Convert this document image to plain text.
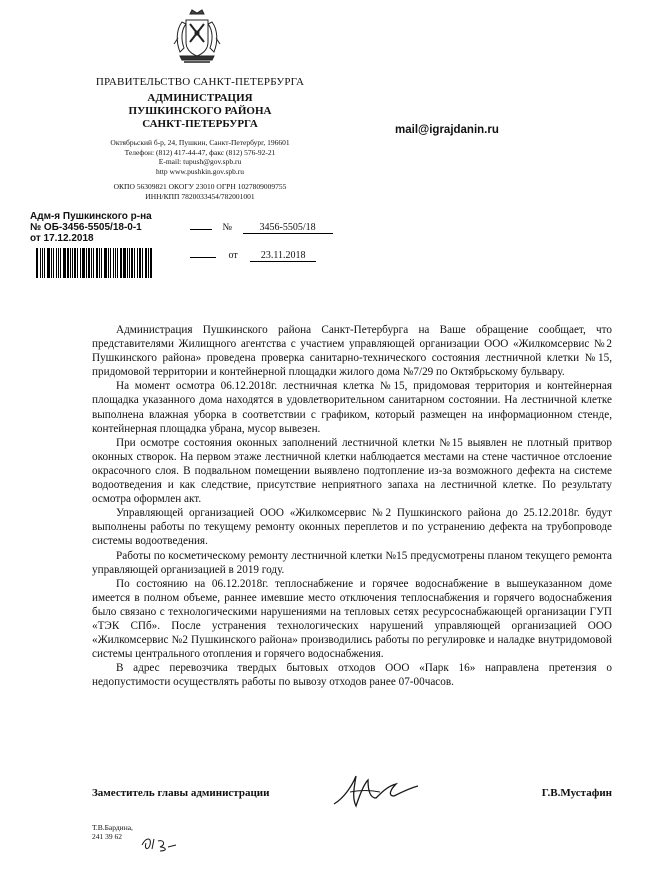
ПРАВИТЕЛЬСТВО САНКТ-ПЕТЕРБУРГА
АДМИНИСТРАЦИЯ
ПУШКИНСКОГО РАЙОНА
САНКТ-ПЕТЕРБУРГА
Октябрьский б-р, 24, Пушкин, Санкт-Петербург, 196601
Телефон: (812) 417-44-47, факс (812) 576-92-21
E-mail: tupush@gov.spb.ru
http www.pushkin.gov.spb.ru
ОКПО 56309821 ОКОГУ 23010 ОГРН 1027809009755
ИНН/КПП 7820033454/782001001
mail@igrajdanin.ru
Адм-я Пушкинского р-на
№ ОБ-3456-5505/18-0-1
от 17.12.2018
№	3456-5505/18
от 23.11.2018

Администрация Пушкинского района Санкт-Петербурга на Ваше обращение сообщает, что представителями Жилищного агентства с участием управляющей организации ООО «Жилкомсервис №2 Пушкинского района» проведена проверка санитарно-технического состояния лестничной клетки №15, придомовой территории и контейнерной площадки жилого дома №7/29 по Октябрьскому бульвару.

На момент осмотра 06.12.2018г. лестничная клетка №15, придомовая территория и контейнерная площадка указанного дома находятся в удовлетворительном санитарном состоянии. На лестничной клетке выполнена влажная уборка в соответствии с графиком, который размещен на информационном стенде, контейнерная площадка убрана, мусор вывезен.

При осмотре состояния оконных заполнений лестничной клетки №15 выявлен не плотный притвор оконных створок. На первом этаже лестничной клетки наблюдается местами на стене частичное отслоение окрасочного слоя. В подвальном помещении выявлено подтопление из-за возможного дефекта на системе водоотведения и как следствие, присутствие неприятного запаха на лестничной клетке. По результату осмотра оформлен акт.

Управляющей организацией ООО «Жилкомсервис №2 Пушкинского района до 25.12.2018г. будут выполнены работы по текущему ремонту оконных переплетов и по устранению дефекта на трубопроводе системы водоотведения.

Работы по косметическому ремонту лестничной клетки №15 предусмотрены планом текущего ремонта управляющей организацией в 2019 году.

По состоянию на 06.12.2018г. теплоснабжение и горячее водоснабжение в вышеуказанном доме имеется в полном объеме, раннее имевшие место отключения теплоснабжения и горячего водоснабжения было связано с технологическими нарушениями на тепловых сетях ресурсоснабжающей организации ГУП «ТЭК СПб». После устранения технологических нарушений управляющей организацией ООО «Жилкомсервис №2 Пушкинского района» производились работы по регулировке и наладке внутридомовой системы центрального отопления и горячего водоснабжения.

В адрес перевозчика твердых бытовых отходов ООО «Парк 16» направлена претензия о недопустимости осуществлять работы по вывозу отходов ранее 07-00часов.

Заместитель главы администрации	Г.В.Мустафин
Т.В.Бардина,
241 39 62
